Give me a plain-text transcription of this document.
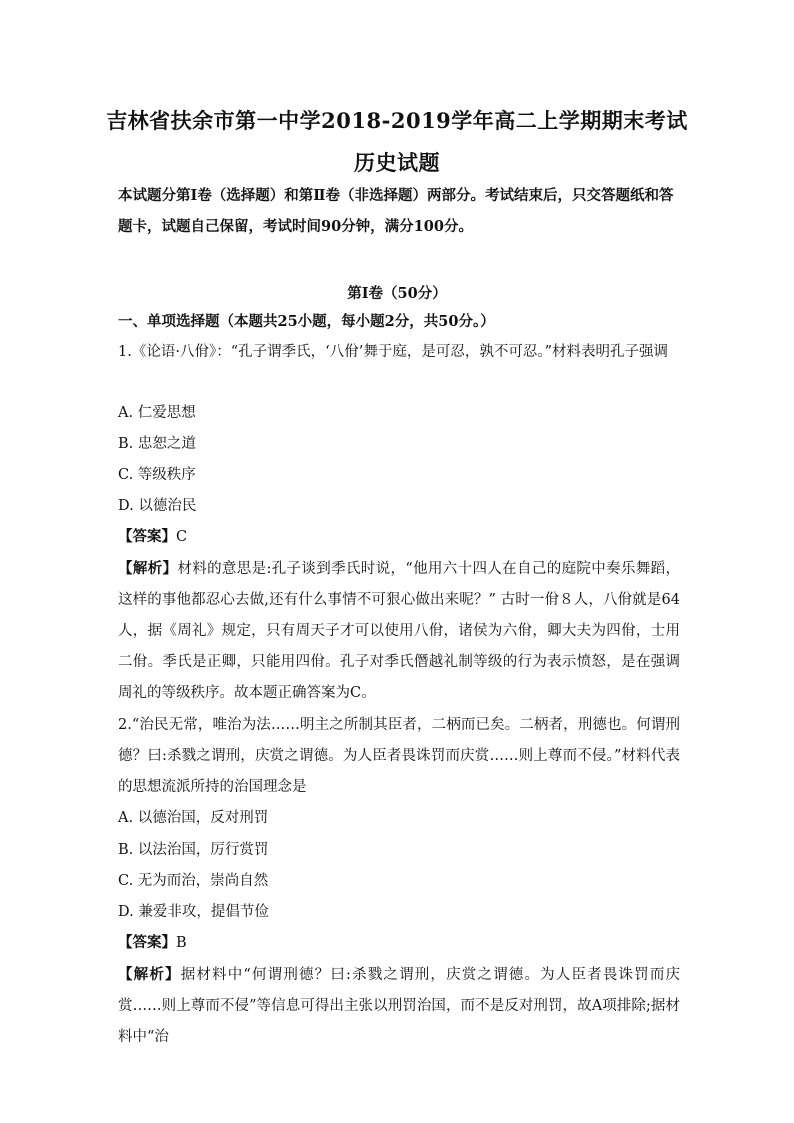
吉林省扶余市第一中学2018-2019学年高二上学期期末考试
历史试题
本试题分第Ⅰ卷（选择题）和第Ⅱ卷（非选择题）两部分。考试结束后，只交答题纸和答题卡，试题自己保留，考试时间90分钟，满分100分。
第Ⅰ卷（50分）
一、单项选择题（本题共25小题，每小题2分，共50分。）
1.《论语·八佾》：“孔子谓季氏，‘八佾’舞于庭，是可忍，孰不可忍。”材料表明孔子强调
A. 仁爱思想
B. 忠恕之道
C. 等级秩序
D. 以德治民
【答案】C
【解析】材料的意思是:孔子谈到季氏时说，“他用六十四人在自己的庭院中奏乐舞蹈，这样的事他都忍心去做,还有什么事情不可狠心做出来呢？” 古时一佾８人，八佾就是64人，据《周礼》规定，只有周天子才可以使用八佾，诸侯为六佾，卿大夫为四佾，士用二佾。季氏是正卿，只能用四佾。孔子对季氏僭越礼制等级的行为表示愤怒，是在强调周礼的等级秩序。故本题正确答案为C。
2.“治民无常，唯治为法……明主之所制其臣者，二柄而已矣。二柄者，刑德也。何谓刑德？曰:杀戮之谓刑，庆赏之谓德。为人臣者畏诛罚而庆赏……则上尊而不侵。”材料代表的思想流派所持的治国理念是
A. 以德治国，反对刑罚
B. 以法治国，厉行赏罚
C. 无为而治，崇尚自然
D. 兼爱非攻，提倡节俭
【答案】B
【解析】据材料中“何谓刑德？曰:杀戮之谓刑，庆赏之谓德。为人臣者畏诛罚而庆赏……则上尊而不侵”等信息可得出主张以刑罚治国，而不是反对刑罚，故A项排除;据材料中“治
